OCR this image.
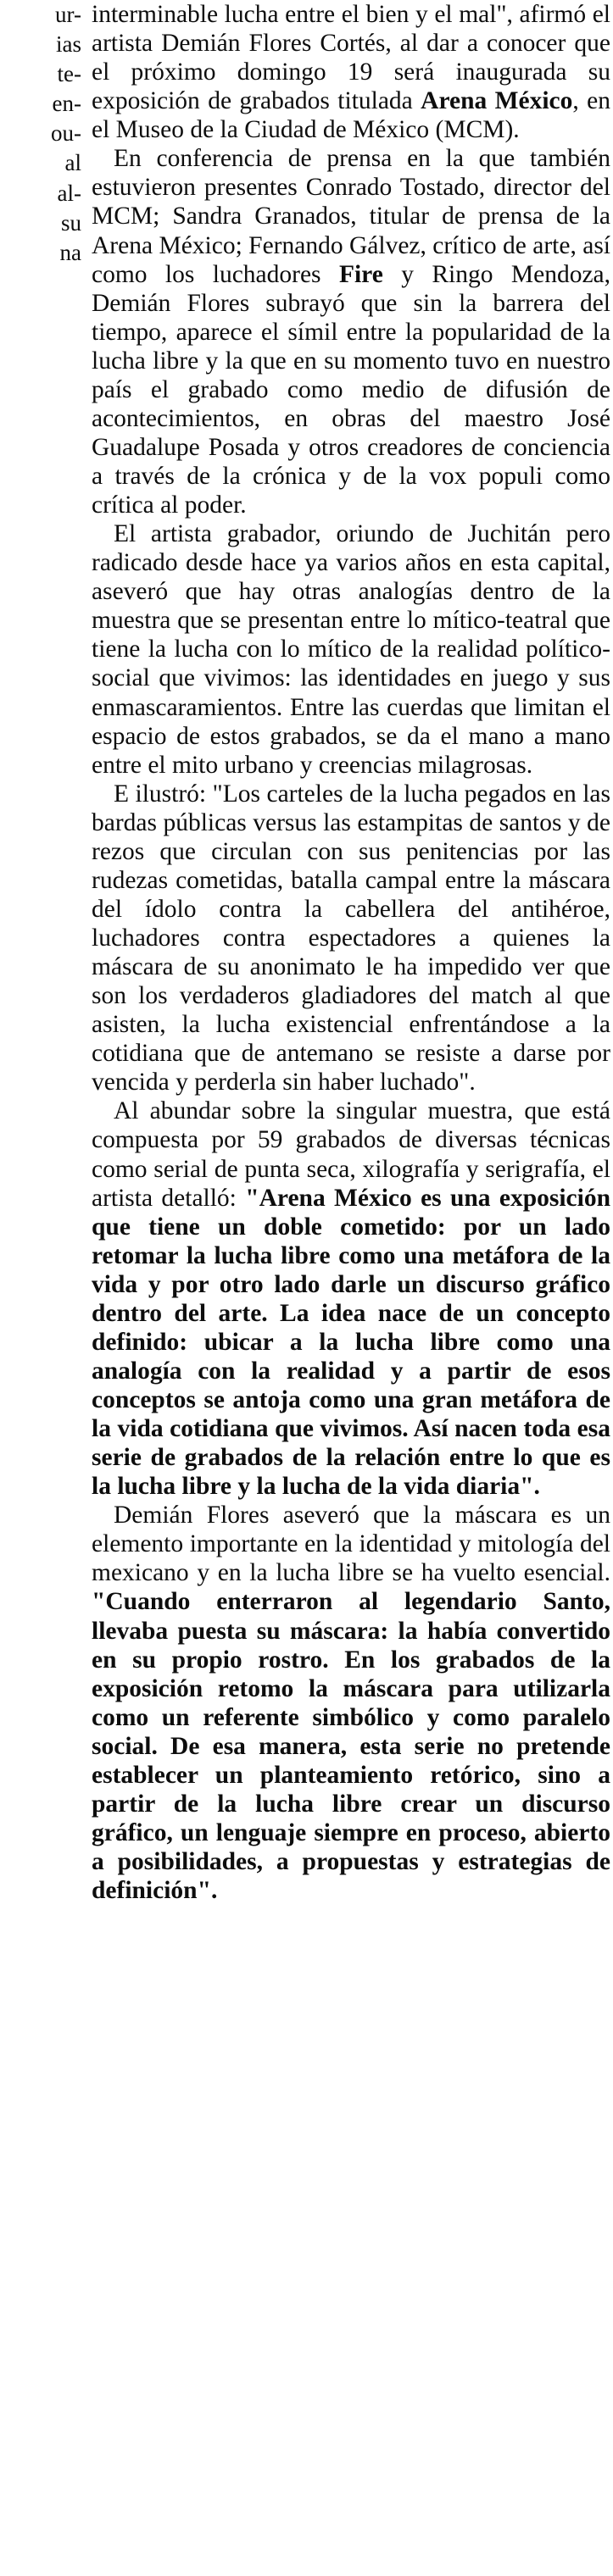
ur-
ias
te-
en-
ou-
al
al-
su
na

interminable lucha entre el bien y el mal", afirmó el artista Demián Flores Cortés, al dar a conocer que el próximo domingo 19 será inaugurada su exposición de grabados titulada Arena México, en el Museo de la Ciudad de México (MCM).

En conferencia de prensa en la que también estuvieron presentes Conrado Tostado, director del MCM; Sandra Granados, titular de prensa de la Arena México; Fernando Gálvez, crítico de arte, así como los luchadores Fire y Ringo Mendoza, Demián Flores subrayó que sin la barrera del tiempo, aparece el símil entre la popularidad de la lucha libre y la que en su momento tuvo en nuestro país el grabado como medio de difusión de acontecimientos, en obras del maestro José Guadalupe Posada y otros creadores de conciencia a través de la crónica y de la vox populi como crítica al poder.

El artista grabador, oriundo de Juchitán pero radicado desde hace ya varios años en esta capital, aseveró que hay otras analogías dentro de la muestra que se presentan entre lo mítico-teatral que tiene la lucha con lo mítico de la realidad político-social que vivimos: las identidades en juego y sus enmascaramientos. Entre las cuerdas que limitan el espacio de estos grabados, se da el mano a mano entre el mito urbano y creencias milagrosas.

E ilustró: "Los carteles de la lucha pegados en las bardas públicas versus las estampitas de santos y de rezos que circulan con sus penitencias por las rudezas cometidas, batalla campal entre la máscara del ídolo contra la cabellera del antihéroe, luchadores contra espectadores a quienes la máscara de su anonimato le ha impedido ver que son los verdaderos gladiadores del match al que asisten, la lucha existencial enfrentándose a la cotidiana que de antemano se resiste a darse por vencida y perderla sin haber luchado".

Al abundar sobre la singular muestra, que está compuesta por 59 grabados de diversas técnicas como serial de punta seca, xilografía y serigrafía, el artista detalló: "Arena México es una exposición que tiene un doble cometido: por un lado retomar la lucha libre como una metáfora de la vida y por otro lado darle un discurso gráfico dentro del arte. La idea nace de un concepto definido: ubicar a la lucha libre como una analogía con la realidad y a partir de esos conceptos se antoja como una gran metáfora de la vida cotidiana que vivimos. Así nacen toda esa serie de grabados de la relación entre lo que es la lucha libre y la lucha de la vida diaria".

Demián Flores aseveró que la máscara es un elemento importante en la identidad y mitología del mexicano y en la lucha libre se ha vuelto esencial. "Cuando enterraron al legendario Santo, llevaba puesta su máscara: la había convertido en su propio rostro. En los grabados de la exposición retomo la máscara para utilizarla como un referente simbólico y como paralelo social. De esa manera, esta serie no pretende establecer un planteamiento retórico, sino a partir de la lucha libre crear un discurso gráfico, un lenguaje siempre en proceso, abierto a posibilidades, a propuestas y estrategias de definición".
